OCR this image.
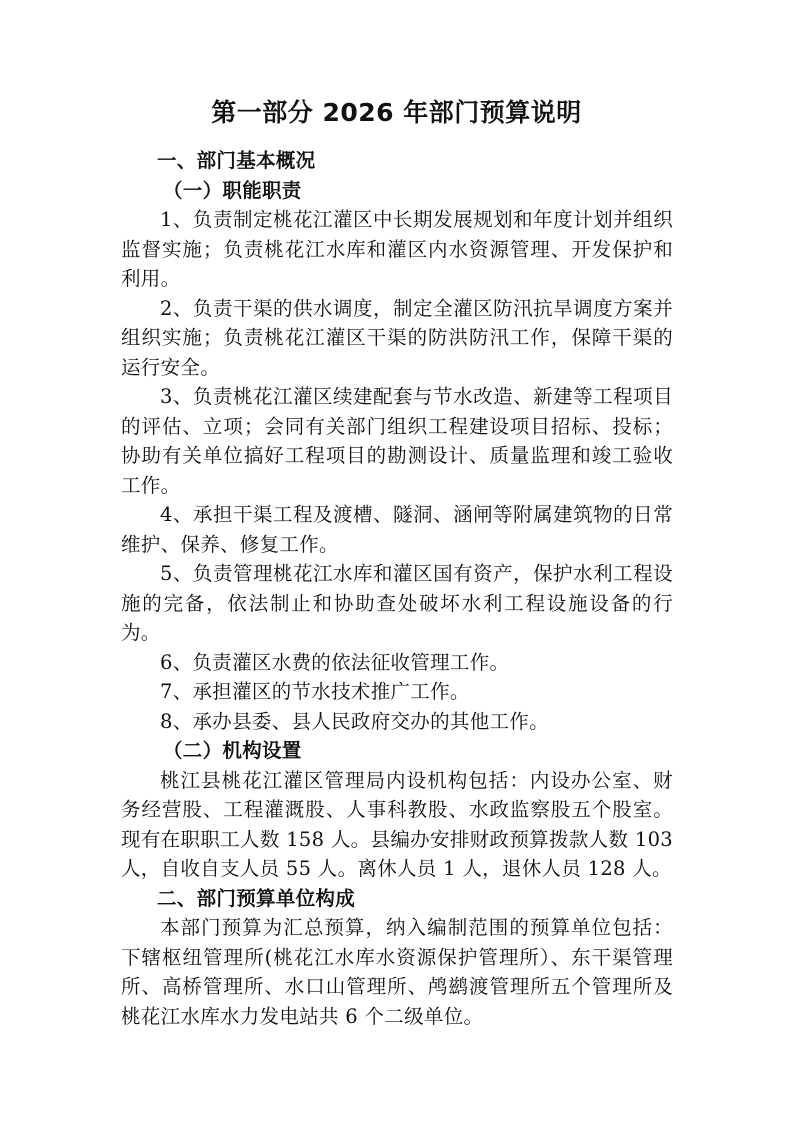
第一部分 2026 年部门预算说明

一、部门基本概况

（一）职能职责

1、负责制定桃花江灌区中长期发展规划和年度计划并组织监督实施；负责桃花江水库和灌区内水资源管理、开发保护和利用。

2、负责干渠的供水调度，制定全灌区防汛抗旱调度方案并组织实施；负责桃花江灌区干渠的防洪防汛工作，保障干渠的运行安全。

3、负责桃花江灌区续建配套与节水改造、新建等工程项目的评估、立项；会同有关部门组织工程建设项目招标、投标；协助有关单位搞好工程项目的勘测设计、质量监理和竣工验收工作。

4、承担干渠工程及渡槽、隧洞、涵闸等附属建筑物的日常维护、保养、修复工作。

5、负责管理桃花江水库和灌区国有资产，保护水利工程设施的完备，依法制止和协助查处破坏水利工程设施设备的行为。

6、负责灌区水费的依法征收管理工作。

7、承担灌区的节水技术推广工作。

8、承办县委、县人民政府交办的其他工作。

（二）机构设置

桃江县桃花江灌区管理局内设机构包括：内设办公室、财务经营股、工程灌溉股、人事科教股、水政监察股五个股室。现有在职职工人数 158 人。县编办安排财政预算拨款人数 103 人，自收自支人员 55 人。离休人员 1 人，退休人员 128 人。

二、部门预算单位构成

本部门预算为汇总预算，纳入编制范围的预算单位包括：下辖枢纽管理所(桃花江水库水资源保护管理所）、东干渠管理所、高桥管理所、水口山管理所、鸬鹚渡管理所五个管理所及桃花江水库水力发电站共 6 个二级单位。
